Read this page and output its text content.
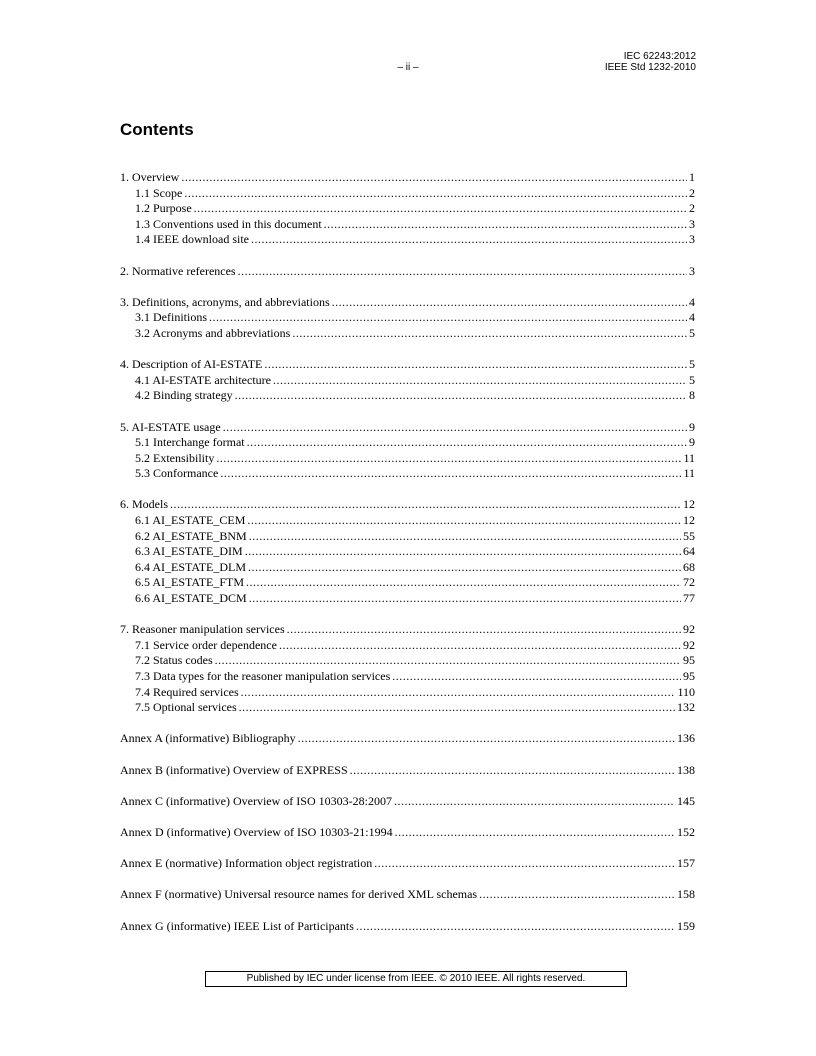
– ii –
IEC 62243:2012
IEEE Std 1232-2010
Contents
1. Overview .....	1
1.1 Scope .....	2
1.2 Purpose .....	2
1.3 Conventions used in this document .....	3
1.4 IEEE download site .....	3
2. Normative references .....	3
3. Definitions, acronyms, and abbreviations .....	4
3.1 Definitions .....	4
3.2 Acronyms and abbreviations .....	5
4. Description of AI-ESTATE .....	5
4.1 AI-ESTATE architecture .....	5
4.2 Binding strategy .....	8
5. AI-ESTATE usage .....	9
5.1 Interchange format .....	9
5.2 Extensibility .....	11
5.3 Conformance .....	11
6. Models .....	12
6.1 AI_ESTATE_CEM .....	12
6.2 AI_ESTATE_BNM .....	55
6.3 AI_ESTATE_DIM .....	64
6.4 AI_ESTATE_DLM .....	68
6.5 AI_ESTATE_FTM .....	72
6.6 AI_ESTATE_DCM .....	77
7. Reasoner manipulation services .....	92
7.1 Service order dependence .....	92
7.2 Status codes .....	95
7.3 Data types for the reasoner manipulation services .....	95
7.4 Required services .....	110
7.5 Optional services .....	132
Annex A (informative) Bibliography .....	136
Annex B (informative) Overview of EXPRESS .....	138
Annex C (informative) Overview of ISO 10303-28:2007 .....	145
Annex D (informative) Overview of ISO 10303-21:1994 .....	152
Annex E (normative) Information object registration .....	157
Annex F (normative) Universal resource names for derived XML schemas .....	158
Annex G (informative) IEEE List of Participants .....	159
Published by IEC under license from IEEE. © 2010 IEEE. All rights reserved.
